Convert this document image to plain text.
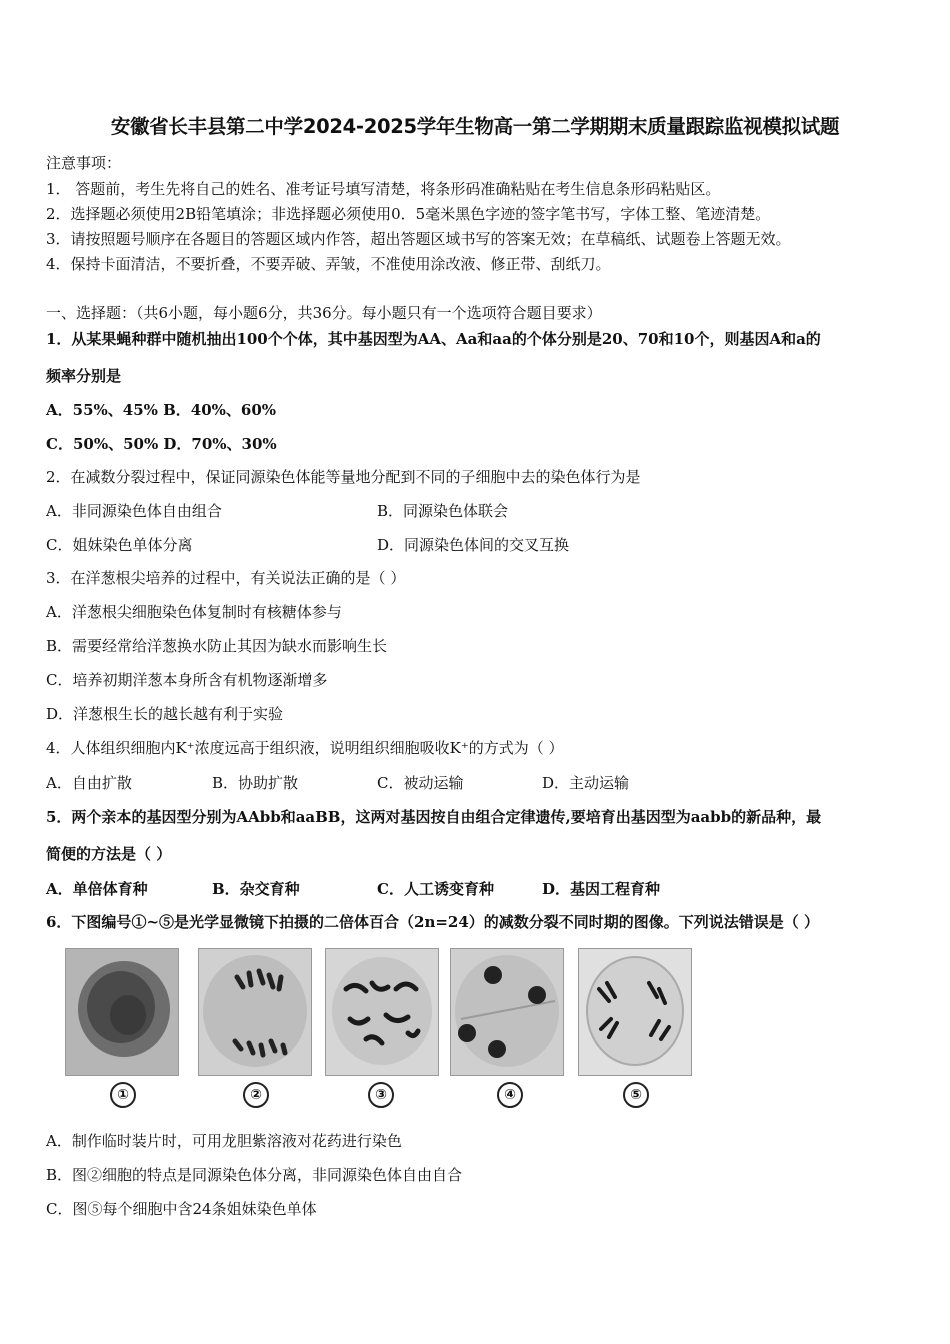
安徽省长丰县第二中学2024-2025学年生物高一第二学期期末质量跟踪监视模拟试题
注意事项：
1． 答题前，考生先将自己的姓名、准考证号填写清楚，将条形码准确粘贴在考生信息条形码粘贴区。
2．选择题必须使用2B铅笔填涂；非选择题必须使用0．5毫米黑色字迹的签字笔书写，字体工整、笔迹清楚。
3．请按照题号顺序在各题目的答题区域内作答，超出答题区域书写的答案无效；在草稿纸、试题卷上答题无效。
4．保持卡面清洁，不要折叠，不要弄破、弄皱，不准使用涂改液、修正带、刮纸刀。
一、选择题：（共6小题，每小题6分，共36分。每小题只有一个选项符合题目要求）
1．从某果蝇种群中随机抽出100个个体，其中基因型为AA、Aa和aa的个体分别是20、70和10个，则基因A和a的
频率分别是
A．55%、45% B．40%、60%
C．50%、50% D．70%、30%
2．在减数分裂过程中，保证同源染色体能等量地分配到不同的子细胞中去的染色体行为是
A．非同源染色体自由组合	B．同源染色体联会
C．姐妹染色单体分离	D．同源染色体间的交叉互换
3．在洋葱根尖培养的过程中，有关说法正确的是（ ）
A．洋葱根尖细胞染色体复制时有核糖体参与
B．需要经常给洋葱换水防止其因为缺水而影响生长
C．培养初期洋葱本身所含有机物逐渐增多
D．洋葱根生长的越长越有利于实验
4．人体组织细胞内K⁺浓度远高于组织液，说明组织细胞吸收K⁺的方式为（ ）
A．自由扩散	B．协助扩散	C．被动运输	D．主动运输
5．两个亲本的基因型分别为AAbb和aaBB，这两对基因按自由组合定律遗传,要培育出基因型为aabb的新品种，最
简便的方法是（ ）
A．单倍体育种	B．杂交育种	C．人工诱变育种	D．基因工程育种
6．下图编号①~⑤是光学显微镜下拍摄的二倍体百合（2n=24）的减数分裂不同时期的图像。下列说法错误是（ ）
①	②	③	④	⑤
A．制作临时装片时，可用龙胆紫溶液对花药进行染色
B．图②细胞的特点是同源染色体分离，非同源染色体自由自合
C．图⑤每个细胞中含24条姐妹染色单体
